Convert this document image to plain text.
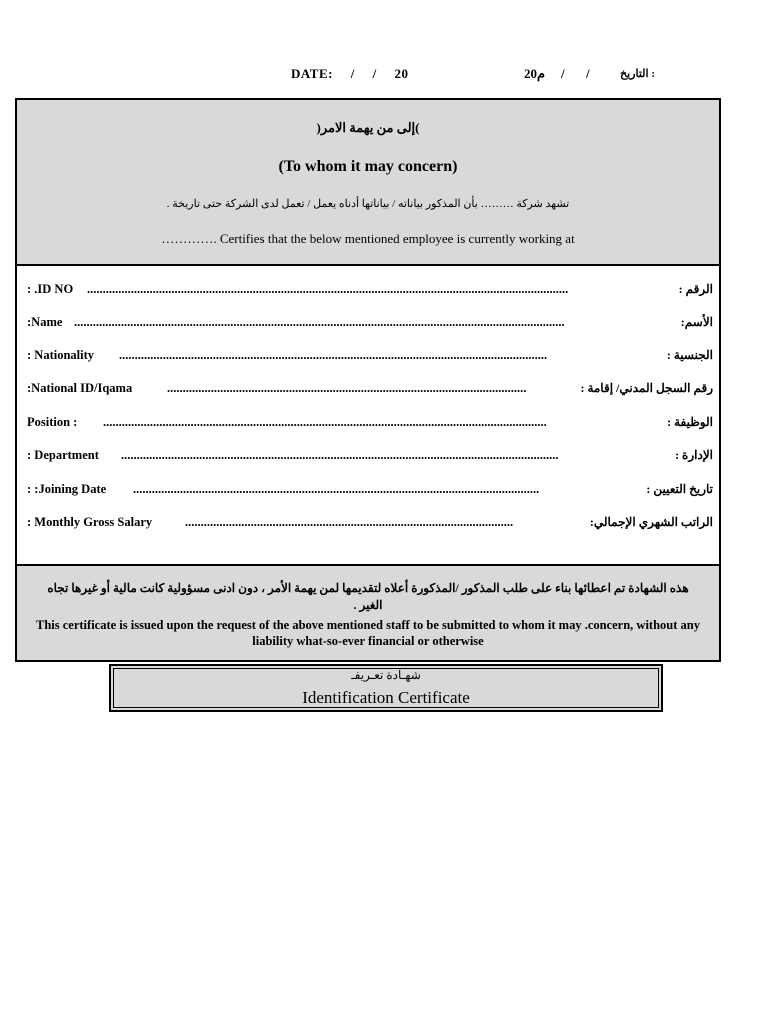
DATE: / / 20	20م / /	التاريخ :
)إلى من يهمة الامر(
(To whom it may concern)
تشهد شركة ……… بأن المذكور بياناته / بياناتها أدناه يعمل / تعمل لدى الشركة حتى تاريخة .
…………. Certifies that the below mentioned employee is currently working at
: .ID NO ..........................................................................................................................................................	الرقم :
:Name .............................................................................................................................................................	الأسم:
: Nationality .........................................................................................................................................	الجنسية :
:National ID/Iqama	...................................................................................................................	رقم السجل المدني/ إقامة :
Position : ..............................................................................................................................................	الوظيفة :
: Department ............................................................................................................................................	الإدارة :
: :Joining Date ..................................................................................................................................	تاريخ التعيين :
: Monthly Gross Salary	.........................................................................................................	الراتب الشهري الإجمالي:
هذه الشهادة تم اعطائها بناء على طلب المذكور /المذكورة أعلاه لتقديمها لمن يهمة الأمر ، دون ادنى مسؤولية كانت مالية أو غيرها تجاه الغير .
This certificate is issued upon the request of the above mentioned staff to be submitted to whom it may .concern, without any liability what-so-ever financial or otherwise
شهـادة تعـريفـ
Identification Certificate
